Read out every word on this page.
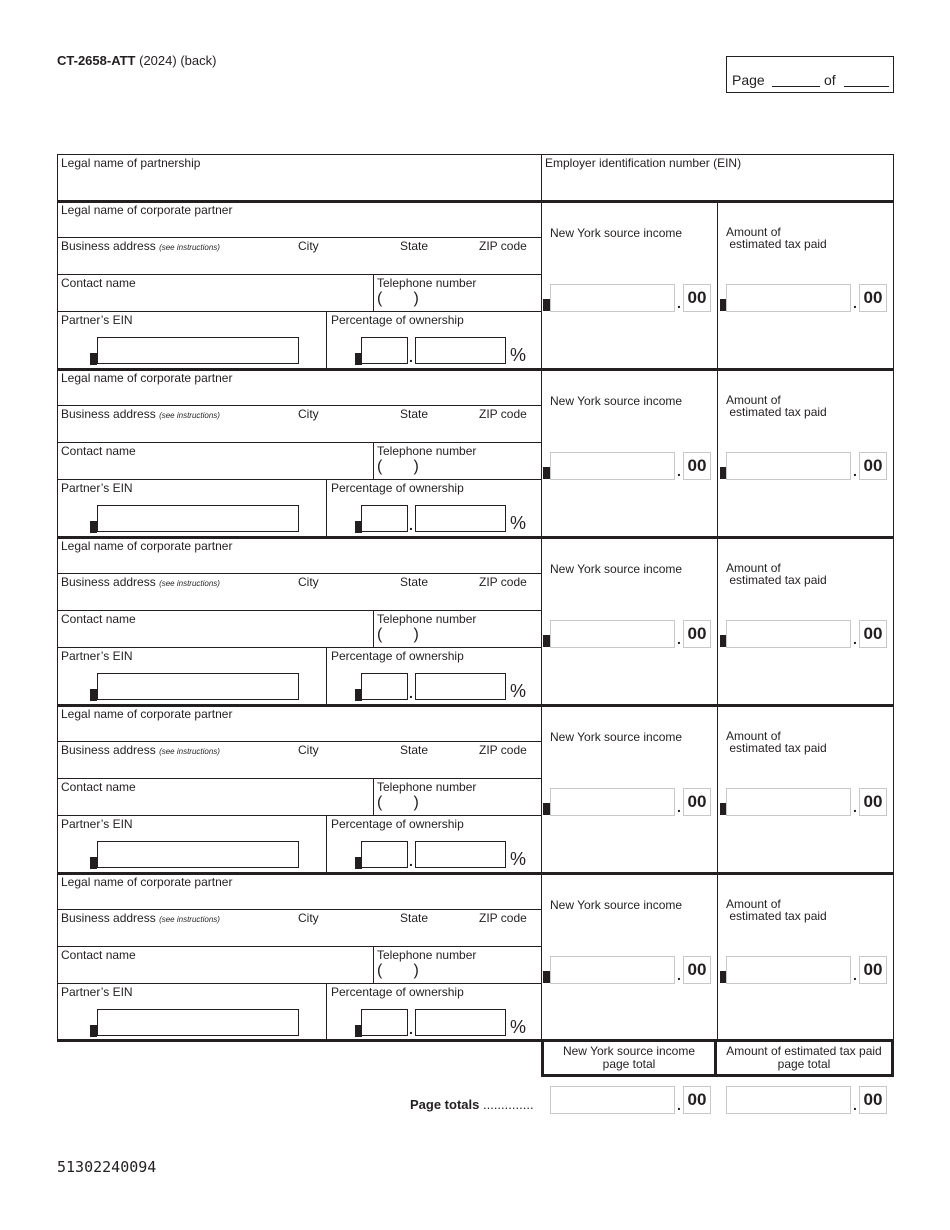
CT-2658-ATT (2024) (back)
Page	of
Legal name of partnership	Employer identification number (EIN)
Legal name of corporate partner
Business address (see instructions)	City	State	ZIP code
Contact name	Telephone number
(       )
Partner’s EIN	Percentage of ownership
.	%
New York source income
. 00
Amount of
estimated tax paid
. 00
Legal name of corporate partner
Business address (see instructions)	City	State	ZIP code
Contact name	Telephone number
(       )
Partner’s EIN	Percentage of ownership
.	%
New York source income
. 00
Amount of
estimated tax paid
. 00
Legal name of corporate partner
Business address (see instructions)	City	State	ZIP code
Contact name	Telephone number
(       )
Partner’s EIN	Percentage of ownership
.	%
New York source income
. 00
Amount of
estimated tax paid
. 00
Legal name of corporate partner
Business address (see instructions)	City	State	ZIP code
Contact name	Telephone number
(       )
Partner’s EIN	Percentage of ownership
.	%
New York source income
. 00
Amount of
estimated tax paid
. 00
Legal name of corporate partner
Business address (see instructions)	City	State	ZIP code
Contact name	Telephone number
(       )
Partner’s EIN	Percentage of ownership
.	%
New York source income
. 00
Amount of
estimated tax paid
. 00
New York source income
page total
Amount of estimated tax paid
page total
Page totals ..............	. 00	. 00
51302240094
